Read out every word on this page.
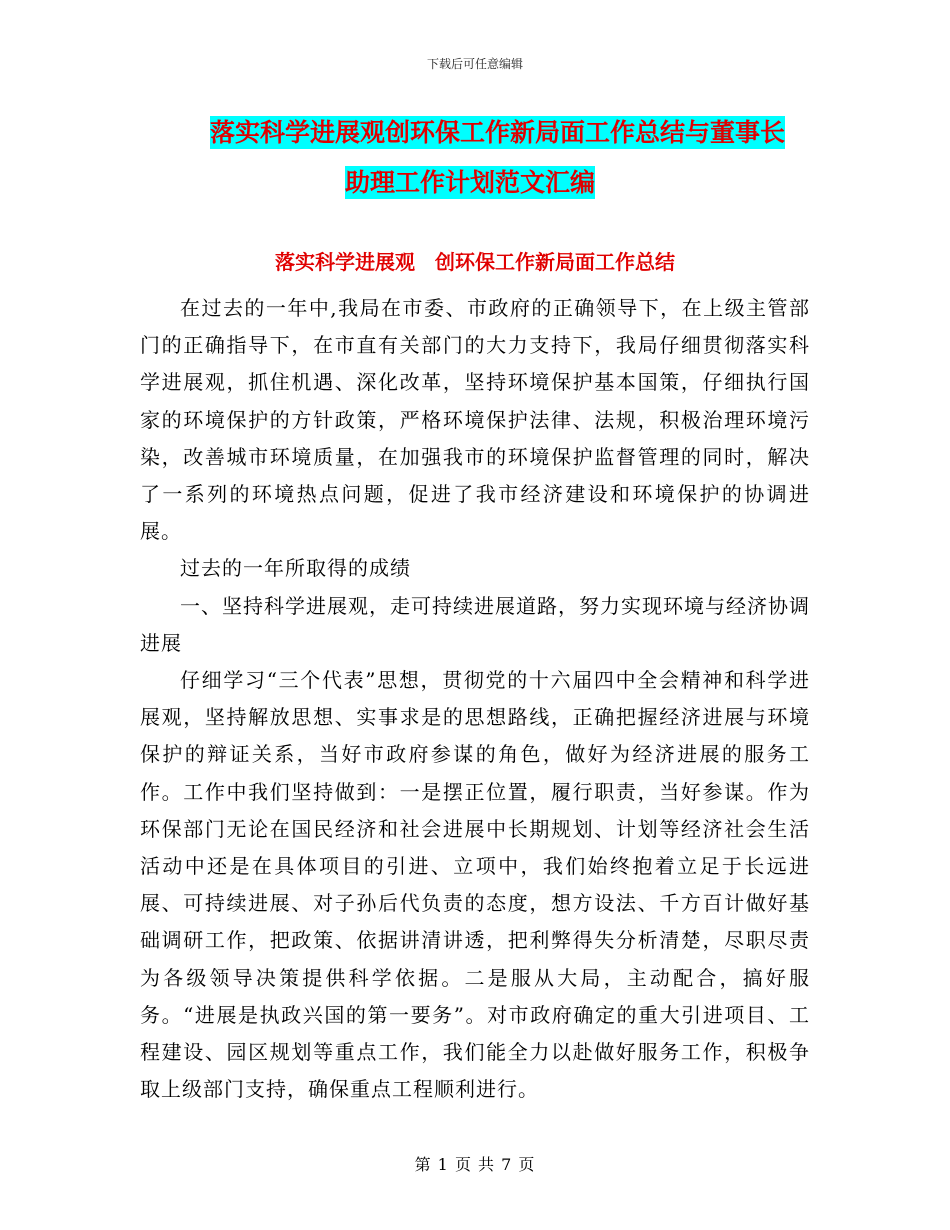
下载后可任意编辑
落实科学进展观创环保工作新局面工作总结与董事长
助理工作计划范文汇编
落实科学进展观　创环保工作新局面工作总结

在过去的一年中,我局在市委、市政府的正确领导下，在上级主管部门的正确指导下，在市直有关部门的大力支持下，我局仔细贯彻落实科学进展观，抓住机遇、深化改革，坚持环境保护基本国策，仔细执行国家的环境保护的方针政策，严格环境保护法律、法规，积极治理环境污染，改善城市环境质量，在加强我市的环境保护监督管理的同时，解决了一系列的环境热点问题，促进了我市经济建设和环境保护的协调进展。

过去的一年所取得的成绩

一、坚持科学进展观，走可持续进展道路，努力实现环境与经济协调进展

仔细学习“三个代表”思想，贯彻党的十六届四中全会精神和科学进展观，坚持解放思想、实事求是的思想路线，正确把握经济进展与环境保护的辩证关系，当好市政府参谋的角色，做好为经济进展的服务工作。工作中我们坚持做到：一是摆正位置，履行职责，当好参谋。作为环保部门无论在国民经济和社会进展中长期规划、计划等经济社会生活活动中还是在具体项目的引进、立项中，我们始终抱着立足于长远进展、可持续进展、对子孙后代负责的态度，想方设法、千方百计做好基础调研工作，把政策、依据讲清讲透，把利弊得失分析清楚，尽职尽责为各级领导决策提供科学依据。二是服从大局，主动配合，搞好服务。“进展是执政兴国的第一要务”。对市政府确定的重大引进项目、工程建设、园区规划等重点工作，我们能全力以赴做好服务工作，积极争取上级部门支持，确保重点工程顺利进行。

第 1 页 共 7 页
